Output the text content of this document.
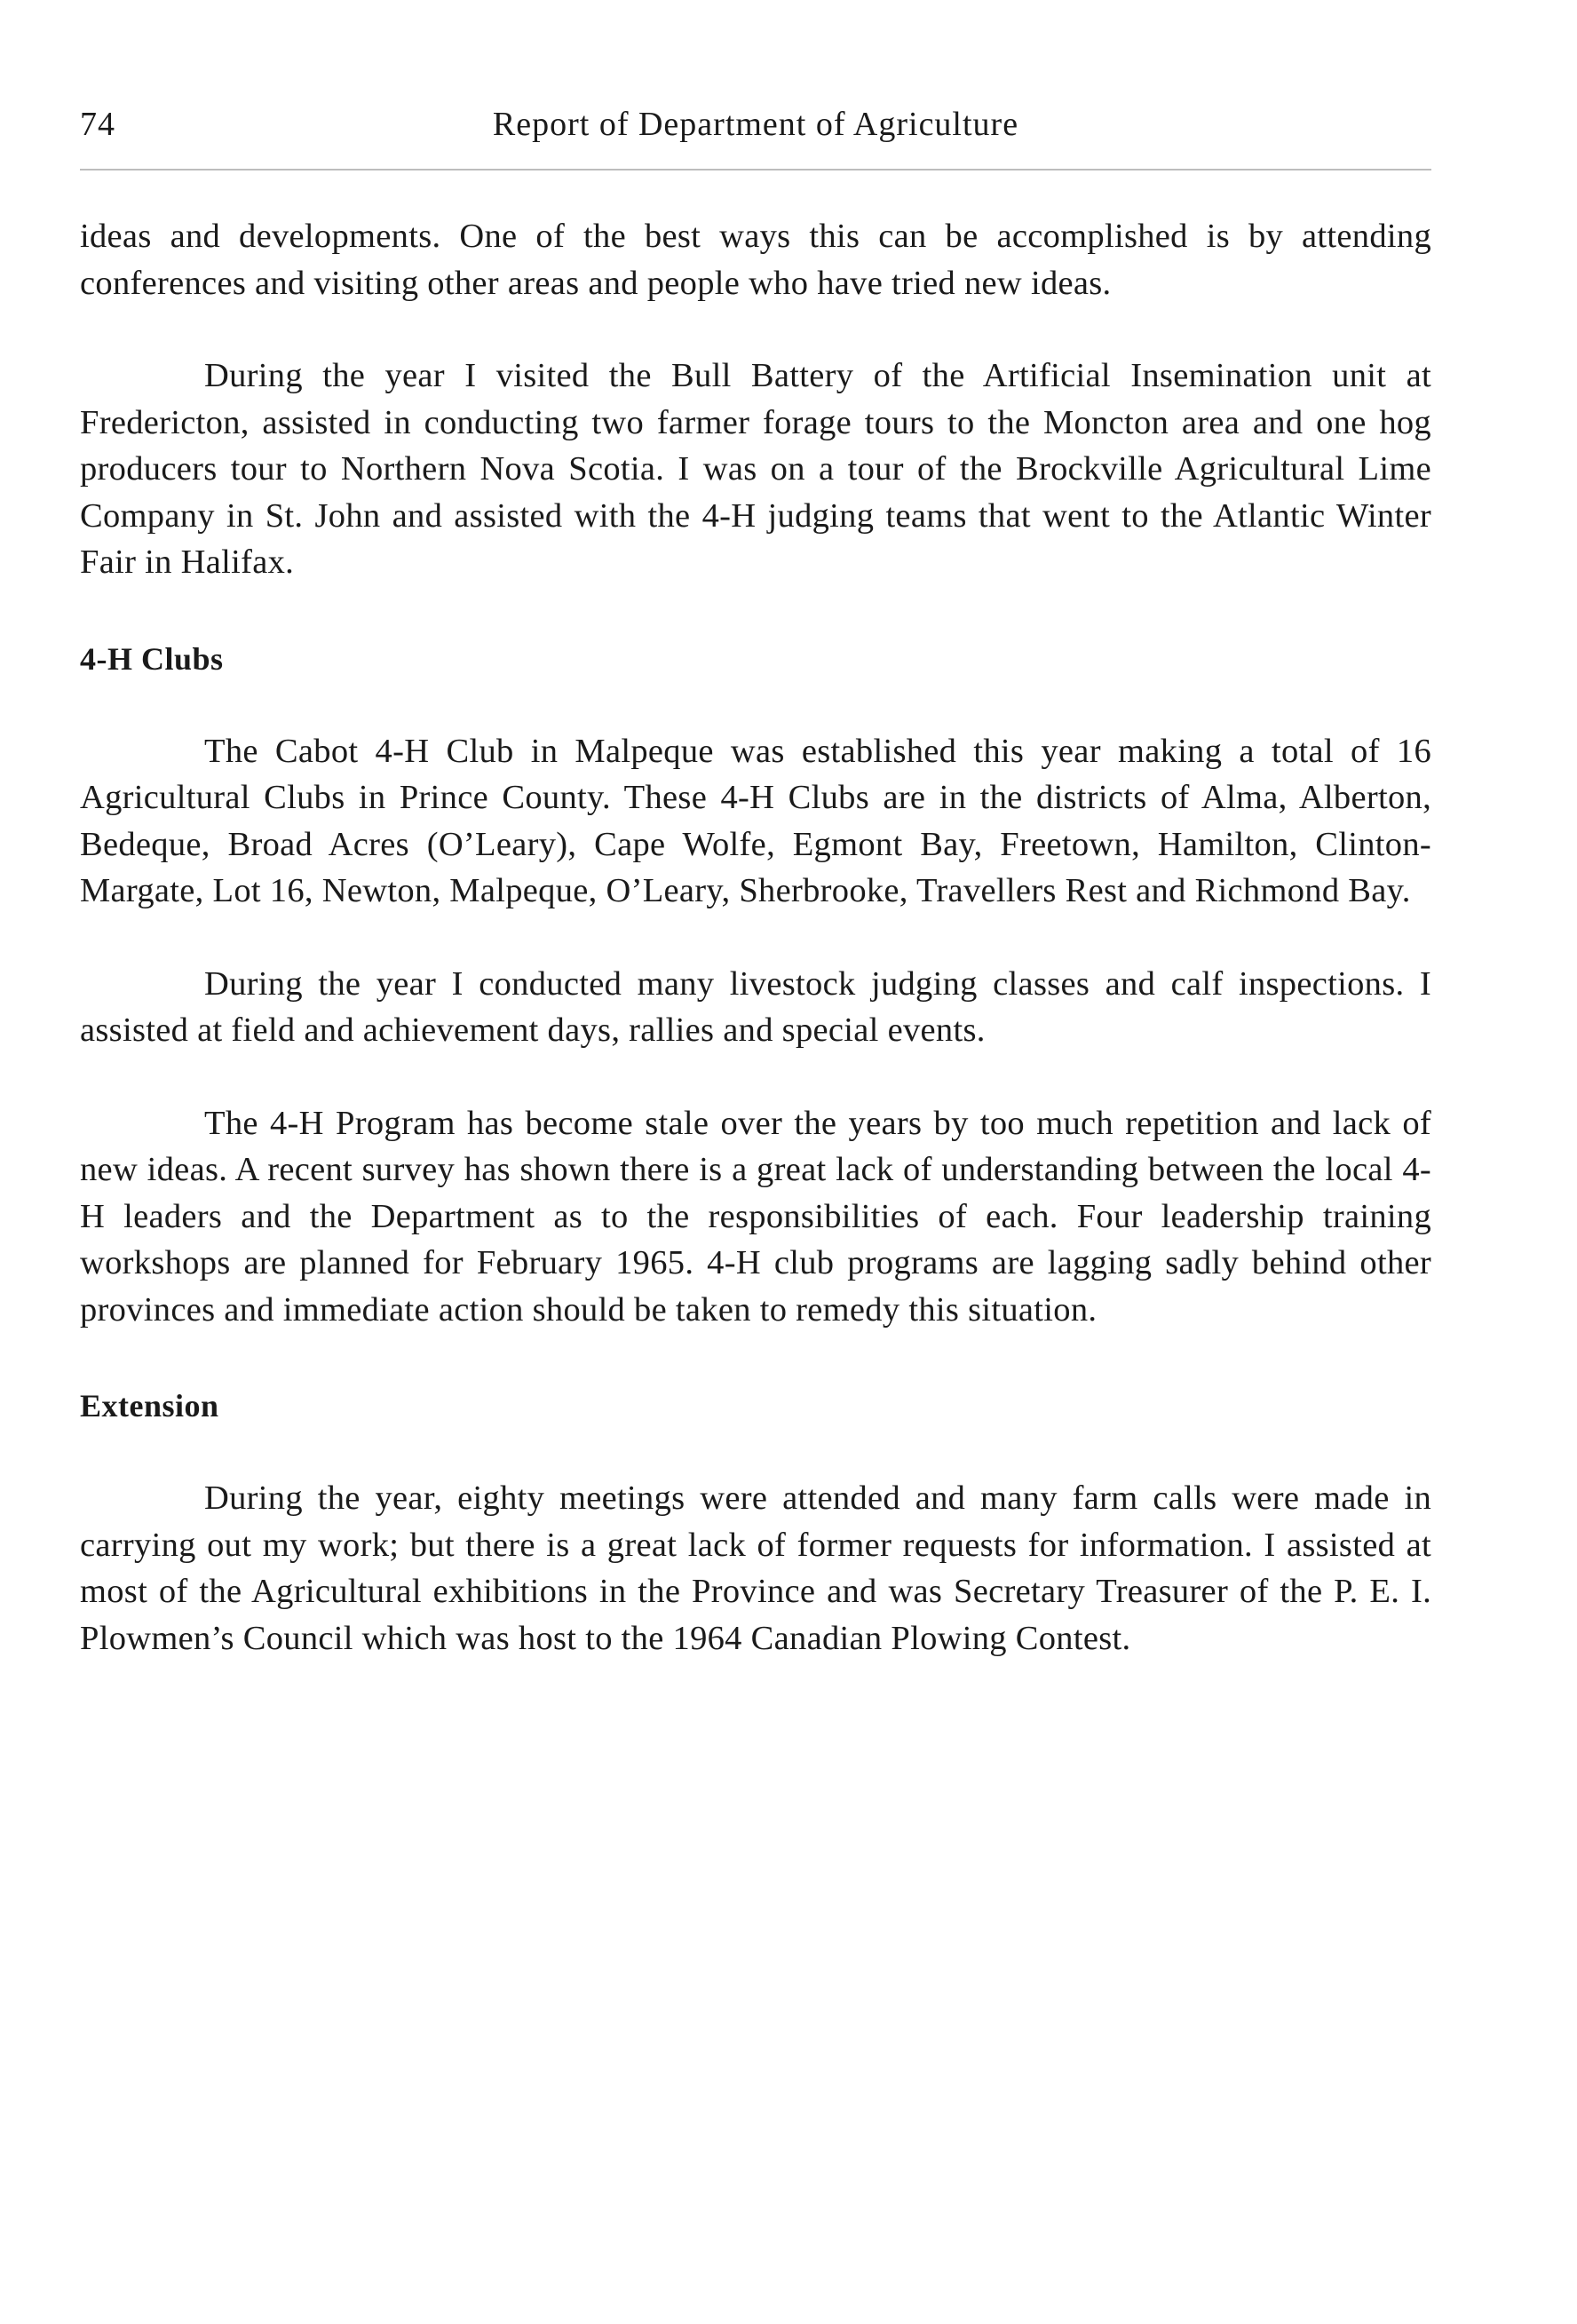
74	Report of Department of Agriculture

ideas and developments. One of the best ways this can be accomplished is by attending conferences and visiting other areas and people who have tried new ideas.

During the year I visited the Bull Battery of the Artificial Insemination unit at Fredericton, assisted in conducting two farmer forage tours to the Moncton area and one hog producers tour to Northern Nova Scotia. I was on a tour of the Brockville Agricultural Lime Company in St. John and assisted with the 4-H judging teams that went to the Atlantic Winter Fair in Halifax.

4-H Clubs

The Cabot 4-H Club in Malpeque was established this year making a total of 16 Agricultural Clubs in Prince County. These 4-H Clubs are in the districts of Alma, Alberton, Bedeque, Broad Acres (O’Leary), Cape Wolfe, Egmont Bay, Freetown, Hamilton, Clinton-Margate, Lot 16, Newton, Malpeque, O’Leary, Sherbrooke, Travellers Rest and Richmond Bay.

During the year I conducted many livestock judging classes and calf inspections. I assisted at field and achievement days, rallies and special events.

The 4-H Program has become stale over the years by too much repetition and lack of new ideas. A recent survey has shown there is a great lack of understanding between the local 4-H leaders and the Department as to the responsibilities of each. Four leadership training workshops are planned for February 1965. 4-H club programs are lagging sadly behind other provinces and immediate action should be taken to remedy this situation.

Extension

During the year, eighty meetings were attended and many farm calls were made in carrying out my work; but there is a great lack of former requests for information. I assisted at most of the Agricultural exhibitions in the Province and was Secretary Treasurer of the P. E. I. Plowmen’s Council which was host to the 1964 Canadian Plowing Contest.
